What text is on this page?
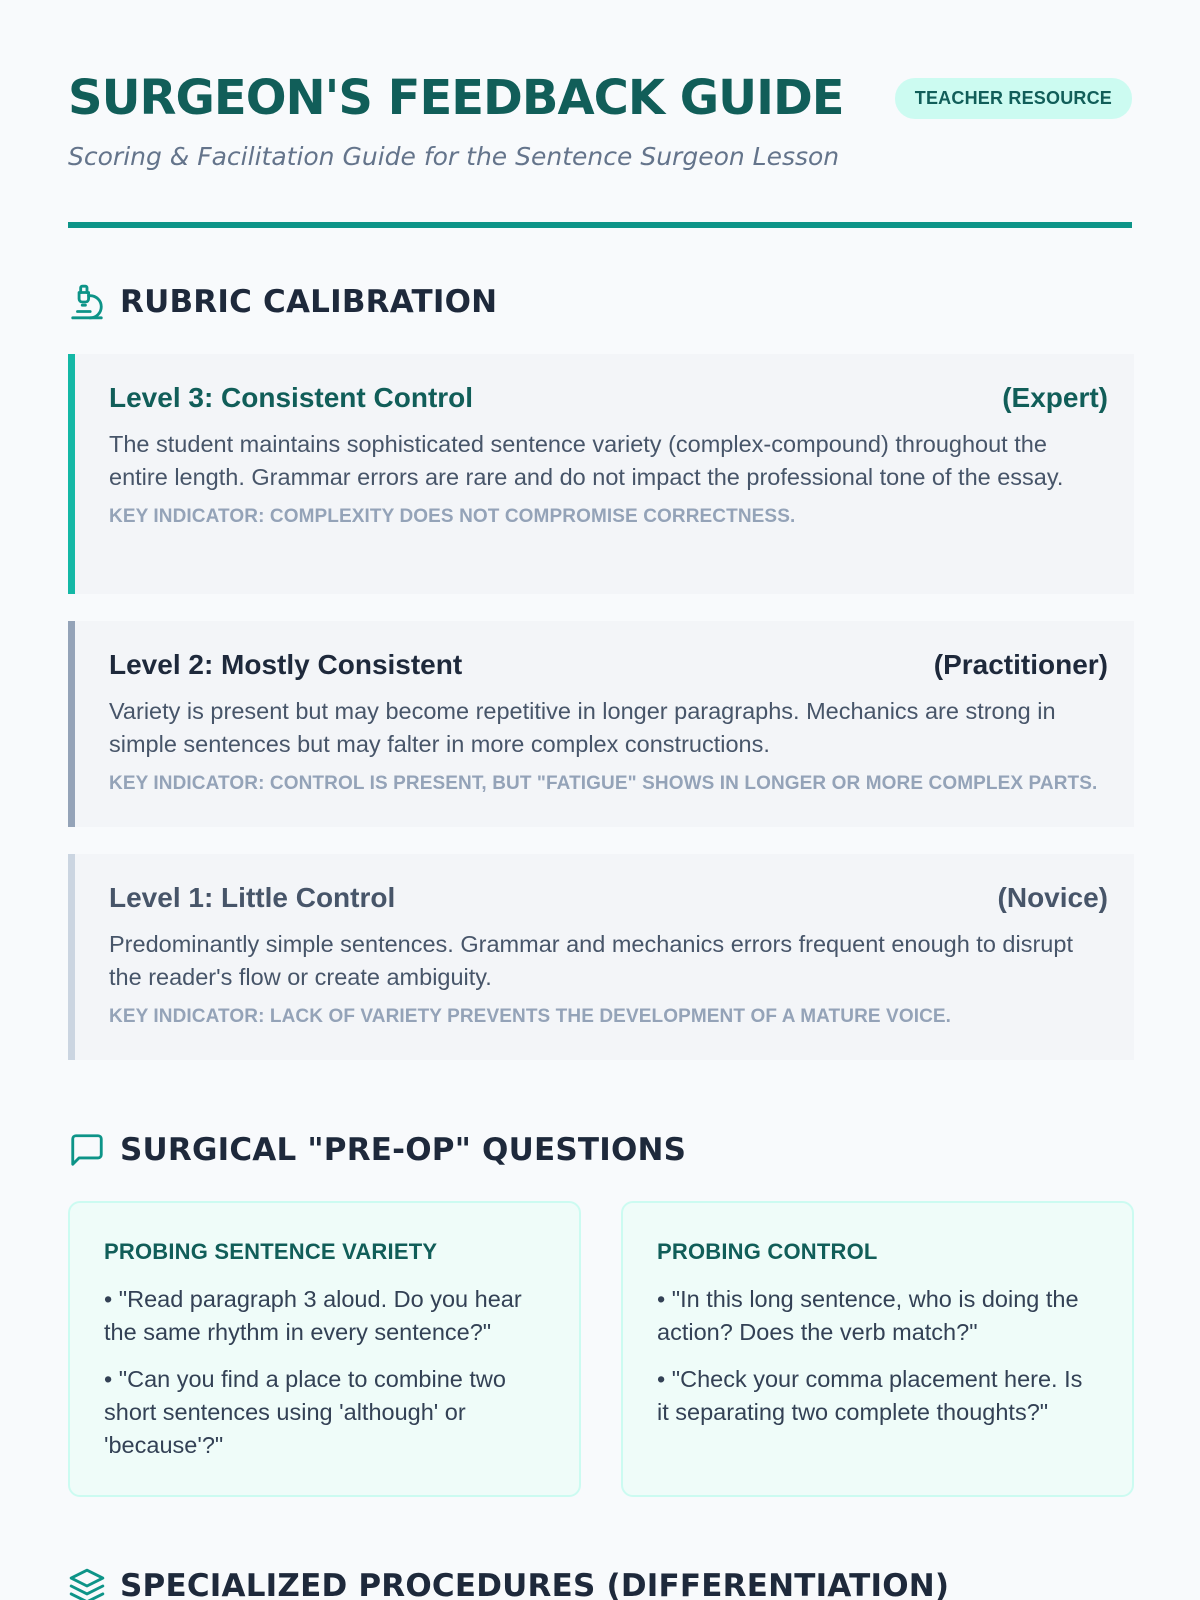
SURGEON'S FEEDBACK GUIDE	TEACHER RESOURCE
Scoring & Facilitation Guide for the Sentence Surgeon Lesson
RUBRIC CALIBRATION
Level 3: Consistent Control	(Expert)

The student maintains sophisticated sentence variety (complex-compound) throughout the entire length. Grammar errors are rare and do not impact the professional tone of the essay.

KEY INDICATOR: COMPLEXITY DOES NOT COMPROMISE CORRECTNESS.

Level 2: Mostly Consistent	(Practitioner)

Variety is present but may become repetitive in longer paragraphs. Mechanics are strong in simple sentences but may falter in more complex constructions.

KEY INDICATOR: CONTROL IS PRESENT, BUT "FATIGUE" SHOWS IN LONGER OR MORE COMPLEX PARTS.

Level 1: Little Control	(Novice)

Predominantly simple sentences. Grammar and mechanics errors frequent enough to disrupt the reader's flow or create ambiguity.

KEY INDICATOR: LACK OF VARIETY PREVENTS THE DEVELOPMENT OF A MATURE VOICE.

SURGICAL "PRE-OP" QUESTIONS
PROBING SENTENCE VARIETY

• "Read paragraph 3 aloud. Do you hear the same rhythm in every sentence?"

• "Can you find a place to combine two short sentences using 'although' or 'because'?"

PROBING CONTROL

• "In this long sentence, who is doing the action? Does the verb match?"

• "Check your comma placement here. Is it separating two complete thoughts?"

SPECIALIZED PROCEDURES (DIFFERENTIATION)
